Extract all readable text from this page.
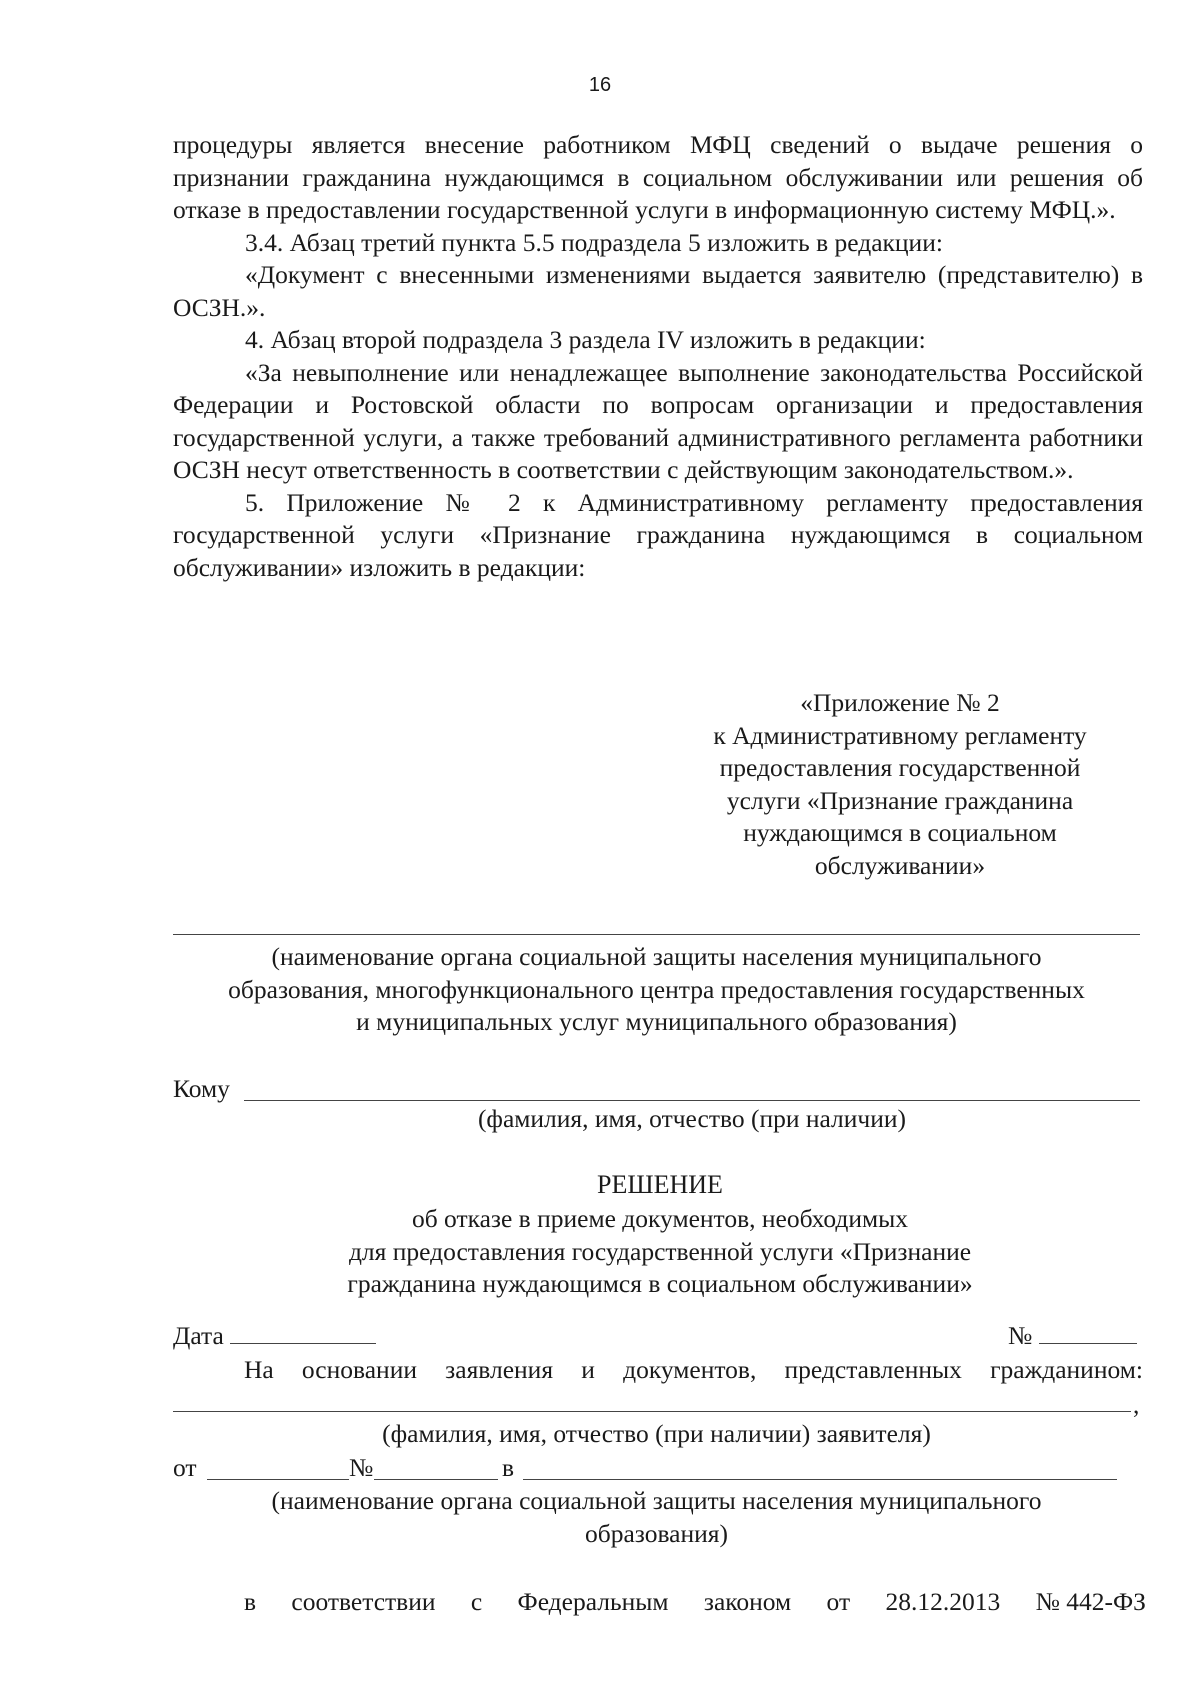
16

процедуры является внесение работником МФЦ сведений о выдаче решения о признании гражданина нуждающимся в социальном обслуживании или решения об отказе в предоставлении государственной услуги в информационную систему МФЦ.».

3.4. Абзац третий пункта 5.5 подраздела 5 изложить в редакции:

«Документ с внесенными изменениями выдается заявителю (представителю) в ОСЗН.».

4. Абзац второй подраздела 3 раздела IV изложить в редакции:

«За невыполнение или ненадлежащее выполнение законодательства Российской Федерации и Ростовской области по вопросам организации и предоставления государственной услуги, а также требований административного регламента работники ОСЗН несут ответственность в соответствии с действующим законодательством.».

5. Приложение № 2 к Административному регламенту предоставления государственной услуги «Признание гражданина нуждающимся в социальном обслуживании» изложить в редакции:

«Приложение № 2
к Административному регламенту
предоставления государственной
услуги «Признание гражданина
нуждающимся в социальном
обслуживании»
(наименование органа социальной защиты населения муниципального
образования, многофункционального центра предоставления государственных
и муниципальных услуг муниципального образования)
Кому
(фамилия, имя, отчество (при наличии)
РЕШЕНИЕ
об отказе в приеме документов, необходимых
для предоставления государственной услуги «Признание
гражданина нуждающимся в социальном обслуживании»
Дата	№
На основании заявления и документов, представленных гражданином:
,
(фамилия, имя, отчество (при наличии) заявителя)
от	№	в
(наименование органа социальной защиты населения муниципального
образования)
в соответствии с Федеральным законом от 28.12.2013 № 442-ФЗ
